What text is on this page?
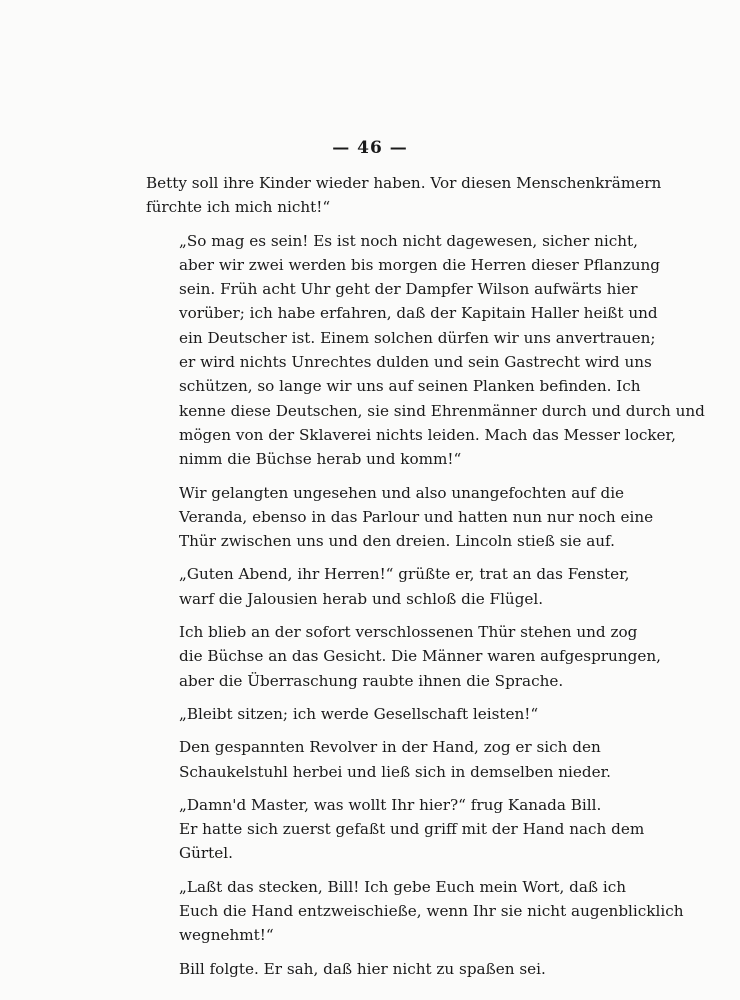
— 46 —

Betty soll ihre Kinder wieder haben. Vor diesen Menschenkrämern
fürchte ich mich nicht!“

„So mag es sein! Es ist noch nicht dagewesen, sicher nicht,
aber wir zwei werden bis morgen die Herren dieser Pflanzung
sein. Früh acht Uhr geht der Dampfer Wilson aufwärts hier
vorüber; ich habe erfahren, daß der Kapitain Haller heißt und
ein Deutscher ist. Einem solchen dürfen wir uns anvertrauen;
er wird nichts Unrechtes dulden und sein Gastrecht wird uns
schützen, so lange wir uns auf seinen Planken befinden. Ich
kenne diese Deutschen, sie sind Ehrenmänner durch und durch und
mögen von der Sklaverei nichts leiden. Mach das Messer locker,
nimm die Büchse herab und komm!“

Wir gelangten ungesehen und also unangefochten auf die
Veranda, ebenso in das Parlour und hatten nun nur noch eine
Thür zwischen uns und den dreien. Lincoln stieß sie auf.

„Guten Abend, ihr Herren!“ grüßte er, trat an das Fenster,
warf die Jalousien herab und schloß die Flügel.

Ich blieb an der sofort verschlossenen Thür stehen und zog
die Büchse an das Gesicht. Die Männer waren aufgesprungen,
aber die Überraschung raubte ihnen die Sprache.

„Bleibt sitzen; ich werde Gesellschaft leisten!“

Den gespannten Revolver in der Hand, zog er sich den
Schaukelstuhl herbei und ließ sich in demselben nieder.

„Damn'd Master, was wollt Ihr hier?“ frug Kanada Bill.
Er hatte sich zuerst gefaßt und griff mit der Hand nach dem
Gürtel.

„Laßt das stecken, Bill! Ich gebe Euch mein Wort, daß ich
Euch die Hand entzweischieße, wenn Ihr sie nicht augenblicklich
wegnehmt!“

Bill folgte. Er sah, daß hier nicht zu spaßen sei.
